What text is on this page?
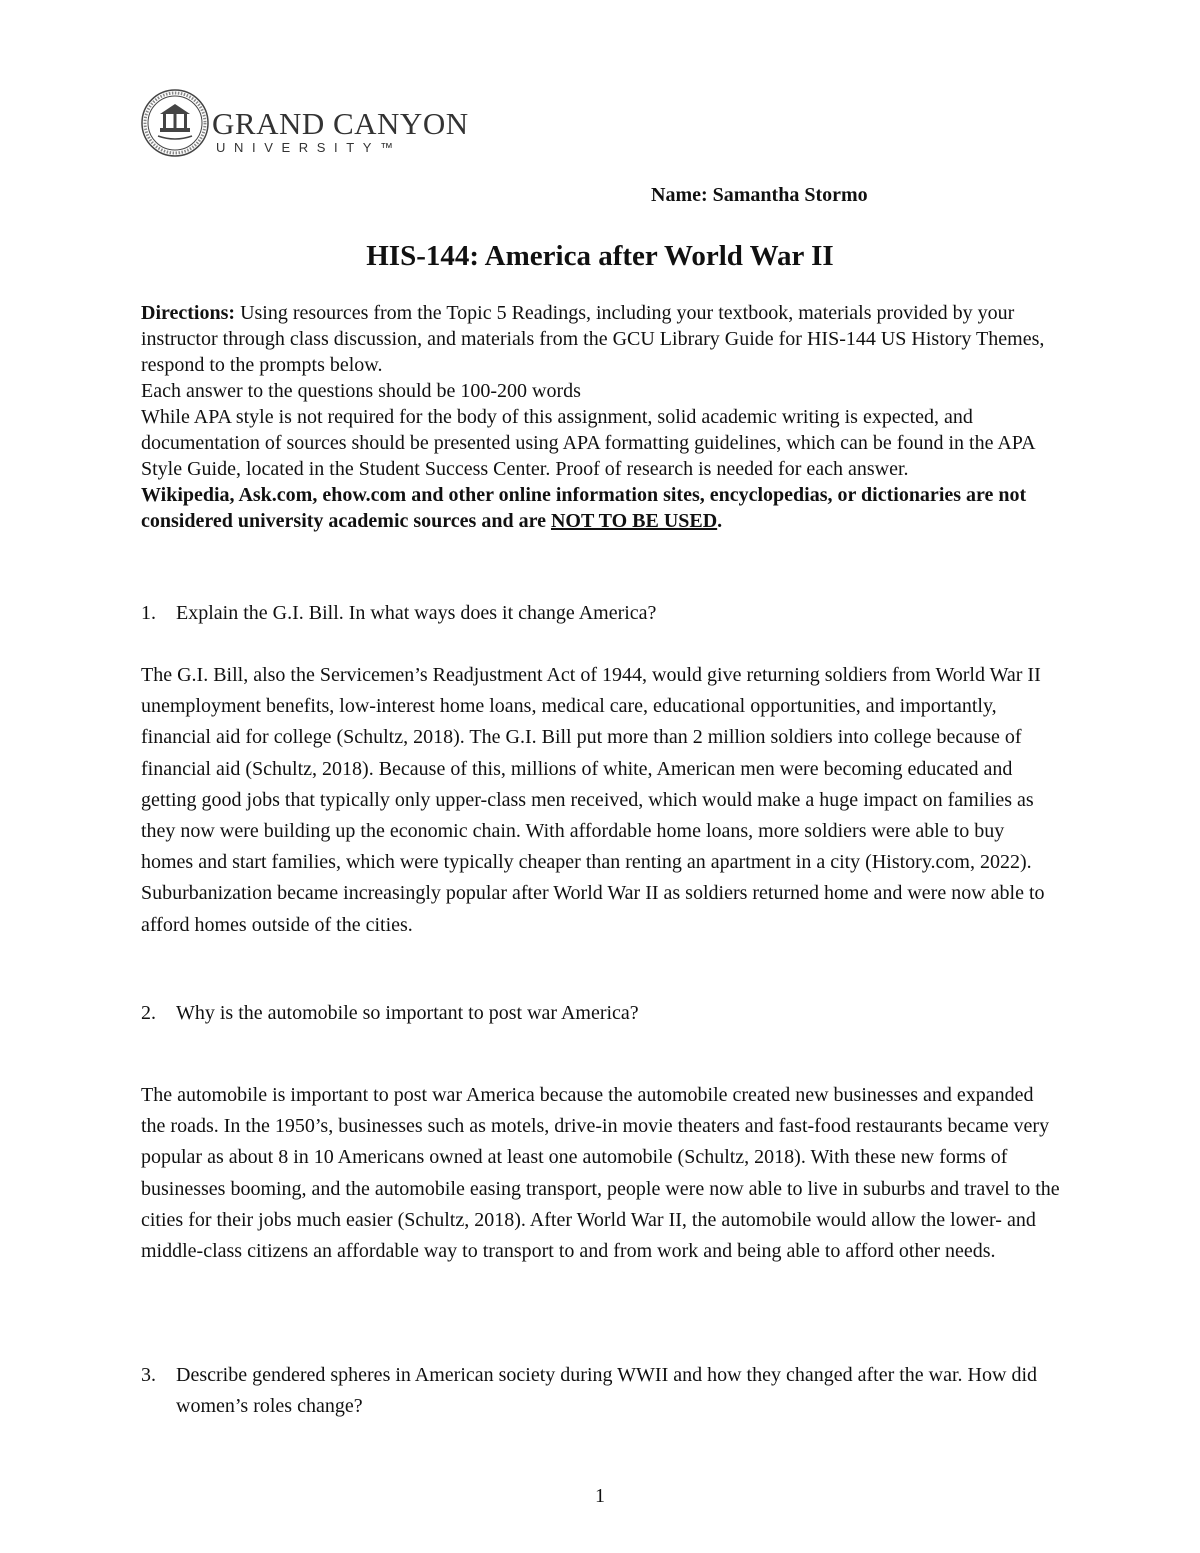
GRAND CANYON
UNIVERSITY™
Name: Samantha Stormo
HIS-144: America after World War II

Directions: Using resources from the Topic 5 Readings, including your textbook, materials provided by your instructor through class discussion, and materials from the GCU Library Guide for HIS-144 US History Themes, respond to the prompts below.

Each answer to the questions should be 100-200 words

While APA style is not required for the body of this assignment, solid academic writing is expected, and documentation of sources should be presented using APA formatting guidelines, which can be found in the APA Style Guide, located in the Student Success Center. Proof of research is needed for each answer.

Wikipedia, Ask.com, ehow.com and other online information sites, encyclopedias, or dictionaries are not considered university academic sources and are NOT TO BE USED.

1. Explain the G.I. Bill. In what ways does it change America?
The G.I. Bill, also the Servicemen’s Readjustment Act of 1944, would give returning soldiers from World War II unemployment benefits, low-interest home loans, medical care, educational opportunities, and importantly, financial aid for college (Schultz, 2018). The G.I. Bill put more than 2 million soldiers into college because of financial aid (Schultz, 2018). Because of this, millions of white, American men were becoming educated and getting good jobs that typically only upper-class men received, which would make a huge impact on families as they now were building up the economic chain. With affordable home loans, more soldiers were able to buy homes and start families, which were typically cheaper than renting an apartment in a city (History.com, 2022). Suburbanization became increasingly popular after World War II as soldiers returned home and were now able to afford homes outside of the cities.
2. Why is the automobile so important to post war America?
The automobile is important to post war America because the automobile created new businesses and expanded the roads. In the 1950’s, businesses such as motels, drive-in movie theaters and fast-food restaurants became very popular as about 8 in 10 Americans owned at least one automobile (Schultz, 2018). With these new forms of businesses booming, and the automobile easing transport, people were now able to live in suburbs and travel to the cities for their jobs much easier (Schultz, 2018). After World War II, the automobile would allow the lower- and middle-class citizens an affordable way to transport to and from work and being able to afford other needs.
3. Describe gendered spheres in American society during WWII and how they changed after the war. How did women’s roles change?
1
